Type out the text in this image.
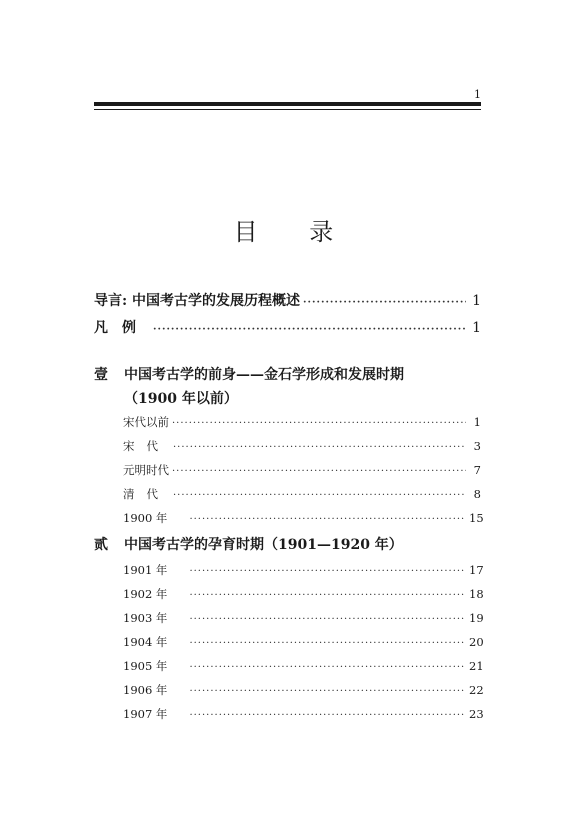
1
目 录
导言: 中国考古学的发展历程概述 ·····	1
凡例 ·····	1
壹	中国考古学的前身——金石学形成和发展时期
（1900 年以前）
宋代以前 ·····	1
宋代 ·····	3
元明时代 ·····	7
清代 ·····	8
1900 年 ·····	15
贰	中国考古学的孕育时期（1901—1920 年）
1901 年 ·····	17
1902 年 ·····	18
1903 年 ·····	19
1904 年 ·····	20
1905 年 ·····	21
1906 年 ·····	22
1907 年 ·····	23
